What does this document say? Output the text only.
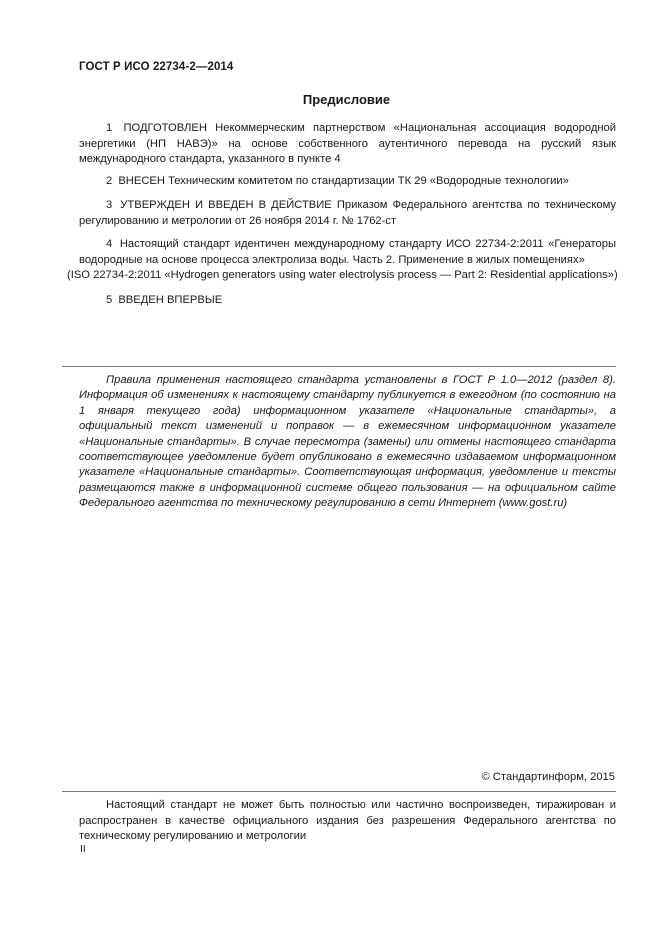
ГОСТ Р ИСО 22734-2—2014
Предисловие

1 ПОДГОТОВЛЕН Некоммерческим партнерством «Национальная ассоциация водородной энергетики (НП НАВЭ)» на основе собственного аутентичного перевода на русский язык международного стандарта, указанного в пункте 4

2 ВНЕСЕН Техническим комитетом по стандартизации ТК 29 «Водородные технологии»

3 УТВЕРЖДЕН И ВВЕДЕН В ДЕЙСТВИЕ Приказом Федерального агентства по техническому регулированию и метрологии от 26 ноября 2014 г. № 1762-ст

4 Настоящий стандарт идентичен международному стандарту ИСО 22734-2:2011 «Генераторы водородные на основе процесса электролиза воды. Часть 2. Применение в жилых помещениях»
(ISO 22734-2:2011 «Hydrogen generators using water electrolysis process — Part 2: Residential applications»)

5 ВВЕДЕН ВПЕРВЫЕ

Правила применения настоящего стандарта установлены в ГОСТ Р 1.0—2012 (раздел 8). Информация об изменениях к настоящему стандарту публикуется в ежегодном (по состоянию на 1 января текущего года) информационном указателе «Национальные стандарты», а официальный текст изменений и поправок — в ежемесячном информационном указателе «Национальные стандарты». В случае пересмотра (замены) или отмены настоящего стандарта соответствующее уведомление будет опубликовано в ежемесячно издаваемом информационном указателе «Национальные стандарты». Соответствующая информация, уведомление и тексты размещаются также в информационной системе общего пользования — на официальном сайте Федерального агентства по техническому регулированию в сети Интернет (www.gost.ru)

© Стандартинформ, 2015

Настоящий стандарт не может быть полностью или частично воспроизведен, тиражирован и распространен в качестве официального издания без разрешения Федерального агентства по техническому регулированию и метрологии

II
